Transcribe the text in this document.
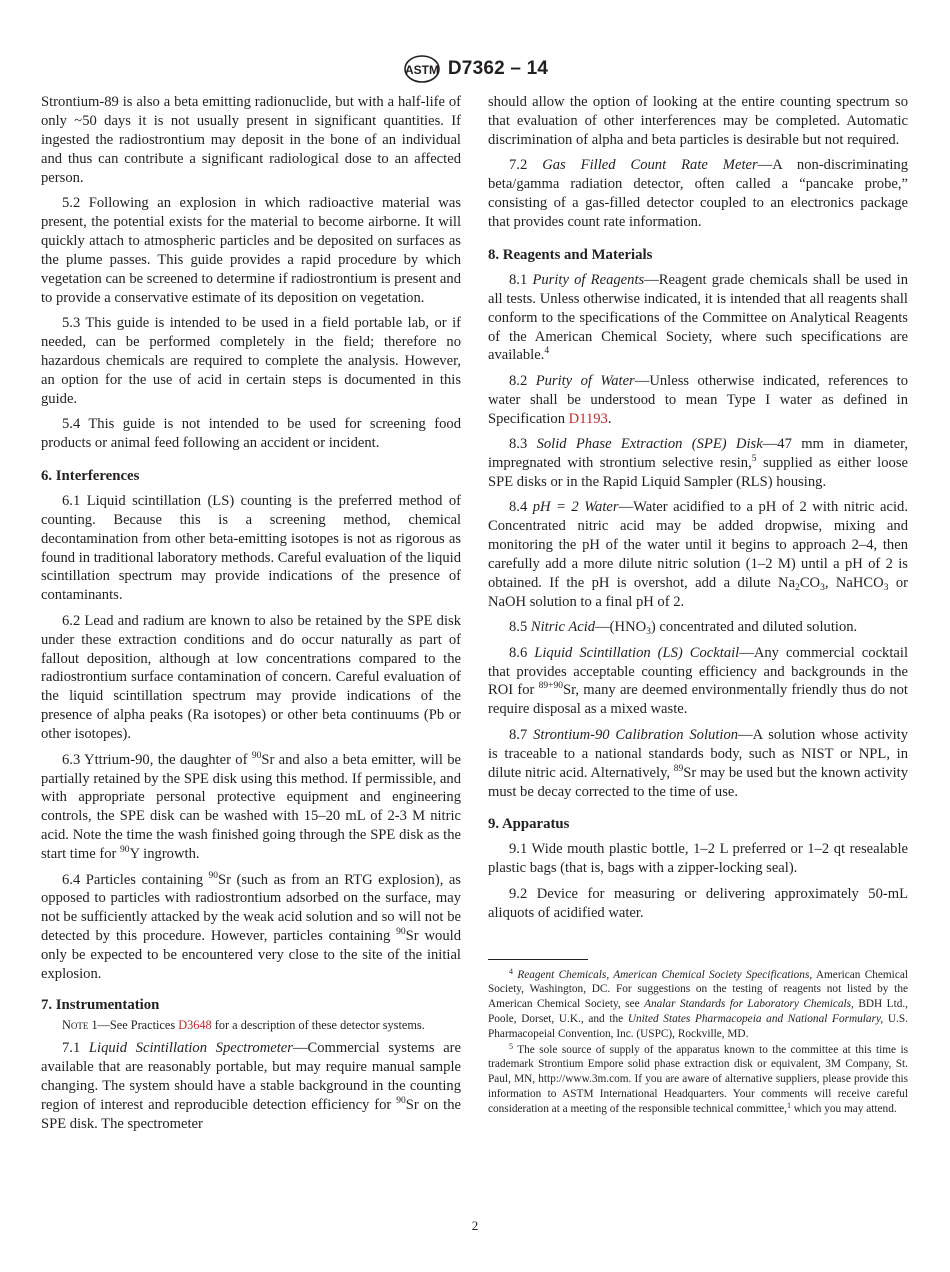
ASTM D7362 – 14

Strontium-89 is also a beta emitting radionuclide, but with a half-life of only ~50 days it is not usually present in significant quantities. If ingested the radiostrontium may deposit in the bone of an individual and thus can contribute a significant radiological dose to an affected person.

5.2 Following an explosion in which radioactive material was present, the potential exists for the material to become airborne. It will quickly attach to atmospheric particles and be deposited on surfaces as the plume passes. This guide provides a rapid procedure by which vegetation can be screened to determine if radiostrontium is present and to provide a conservative estimate of its deposition on vegetation.

5.3 This guide is intended to be used in a field portable lab, or if needed, can be performed completely in the field; therefore no hazardous chemicals are required to complete the analysis. However, an option for the use of acid in certain steps is documented in this guide.

5.4 This guide is not intended to be used for screening food products or animal feed following an accident or incident.

6. Interferences

6.1 Liquid scintillation (LS) counting is the preferred method of counting. Because this is a screening method, chemical decontamination from other beta-emitting isotopes is not as rigorous as found in traditional laboratory methods. Careful evaluation of the liquid scintillation spectrum may provide indications of the presence of contaminants.

6.2 Lead and radium are known to also be retained by the SPE disk under these extraction conditions and do occur naturally as part of fallout deposition, although at low concentrations compared to the radiostrontium surface contamination of concern. Careful evaluation of the liquid scintillation spectrum may provide indications of the presence of alpha peaks (Ra isotopes) or other beta continuums (Pb or other isotopes).

6.3 Yttrium-90, the daughter of $^{90}$Sr and also a beta emitter, will be partially retained by the SPE disk using this method. If permissible, and with appropriate personal protective equipment and engineering controls, the SPE disk can be washed with 15–20 mL of 2-3 M nitric acid. Note the time the wash finished going through the SPE disk as the start time for $^{90}$Y ingrowth.

6.4 Particles containing $^{90}$Sr (such as from an RTG explosion), as opposed to particles with radiostrontium adsorbed on the surface, may not be sufficiently attacked by the weak acid solution and so will not be detected by this procedure. However, particles containing $^{90}$Sr would only be expected to be encountered very close to the site of the initial explosion.

7. Instrumentation

Note 1—See Practices D3648 for a description of these detector systems.

7.1 Liquid Scintillation Spectrometer—Commercial systems are available that are reasonably portable, but may require manual sample changing. The system should have a stable background in the counting region of interest and reproducible detection efficiency for $^{90}$Sr on the SPE disk. The spectrometer

should allow the option of looking at the entire counting spectrum so that evaluation of other interferences may be completed. Automatic discrimination of alpha and beta particles is desirable but not required.

7.2 Gas Filled Count Rate Meter—A non-discriminating beta/gamma radiation detector, often called a “pancake probe,” consisting of a gas-filled detector coupled to an electronics package that provides count rate information.

8. Reagents and Materials

8.1 Purity of Reagents—Reagent grade chemicals shall be used in all tests. Unless otherwise indicated, it is intended that all reagents shall conform to the specifications of the Committee on Analytical Reagents of the American Chemical Society, where such specifications are available.$^4$

8.2 Purity of Water—Unless otherwise indicated, references to water shall be understood to mean Type I water as defined in Specification D1193.

8.3 Solid Phase Extraction (SPE) Disk—47 mm in diameter, impregnated with strontium selective resin,$^5$ supplied as either loose SPE disks or in the Rapid Liquid Sampler (RLS) housing.

8.4 pH = 2 Water—Water acidified to a pH of 2 with nitric acid. Concentrated nitric acid may be added dropwise, mixing and monitoring the pH of the water until it begins to approach 2–4, then carefully add a more dilute nitric solution (1–2 M) until a pH of 2 is obtained. If the pH is overshot, add a dilute $Na_2CO_3$, NaHCO$_3$ or NaOH solution to a final pH of 2.

8.5 Nitric $Acid—(HNO_3)$ concentrated and diluted solution.

8.6 Liquid Scintillation (LS) Cocktail—Any commercial cocktail that provides acceptable counting efficiency and backgrounds in the ROI for $^{89+90}$Sr, many are deemed environmentally friendly thus do not require disposal as a mixed waste.

8.7 Strontium-90 Calibration Solution—A solution whose activity is traceable to a national standards body, such as NIST or NPL, in dilute nitric acid. Alternatively, $^{89}$Sr may be used but the known activity must be decay corrected to the time of use.

9. Apparatus

9.1 Wide mouth plastic bottle, 1–2 L preferred or 1–2 qt resealable plastic bags (that is, bags with a zipper-locking seal).

9.2 Device for measuring or delivering approximately 50-mL aliquots of acidified water.

$^4$ Reagent Chemicals, American Chemical Society Specifications, American Chemical Society, Washington, DC. For suggestions on the testing of reagents not listed by the American Chemical Society, see Analar Standards for Laboratory Chemicals, BDH Ltd., Poole, Dorset, U.K., and the United States Pharmacopeia and National Formulary, U.S. Pharmacopeial Convention, Inc. (USPC), Rockville, MD.

$^5$ The sole source of supply of the apparatus known to the committee at this time is trademark Strontium Empore solid phase extraction disk or equivalent, 3M Company, St. Paul, MN, http://www.3m.com. If you are aware of alternative suppliers, please provide this information to ASTM International Headquarters. Your comments will receive careful consideration at a meeting of the responsible technical committee,$^1$ which you may attend.

2
